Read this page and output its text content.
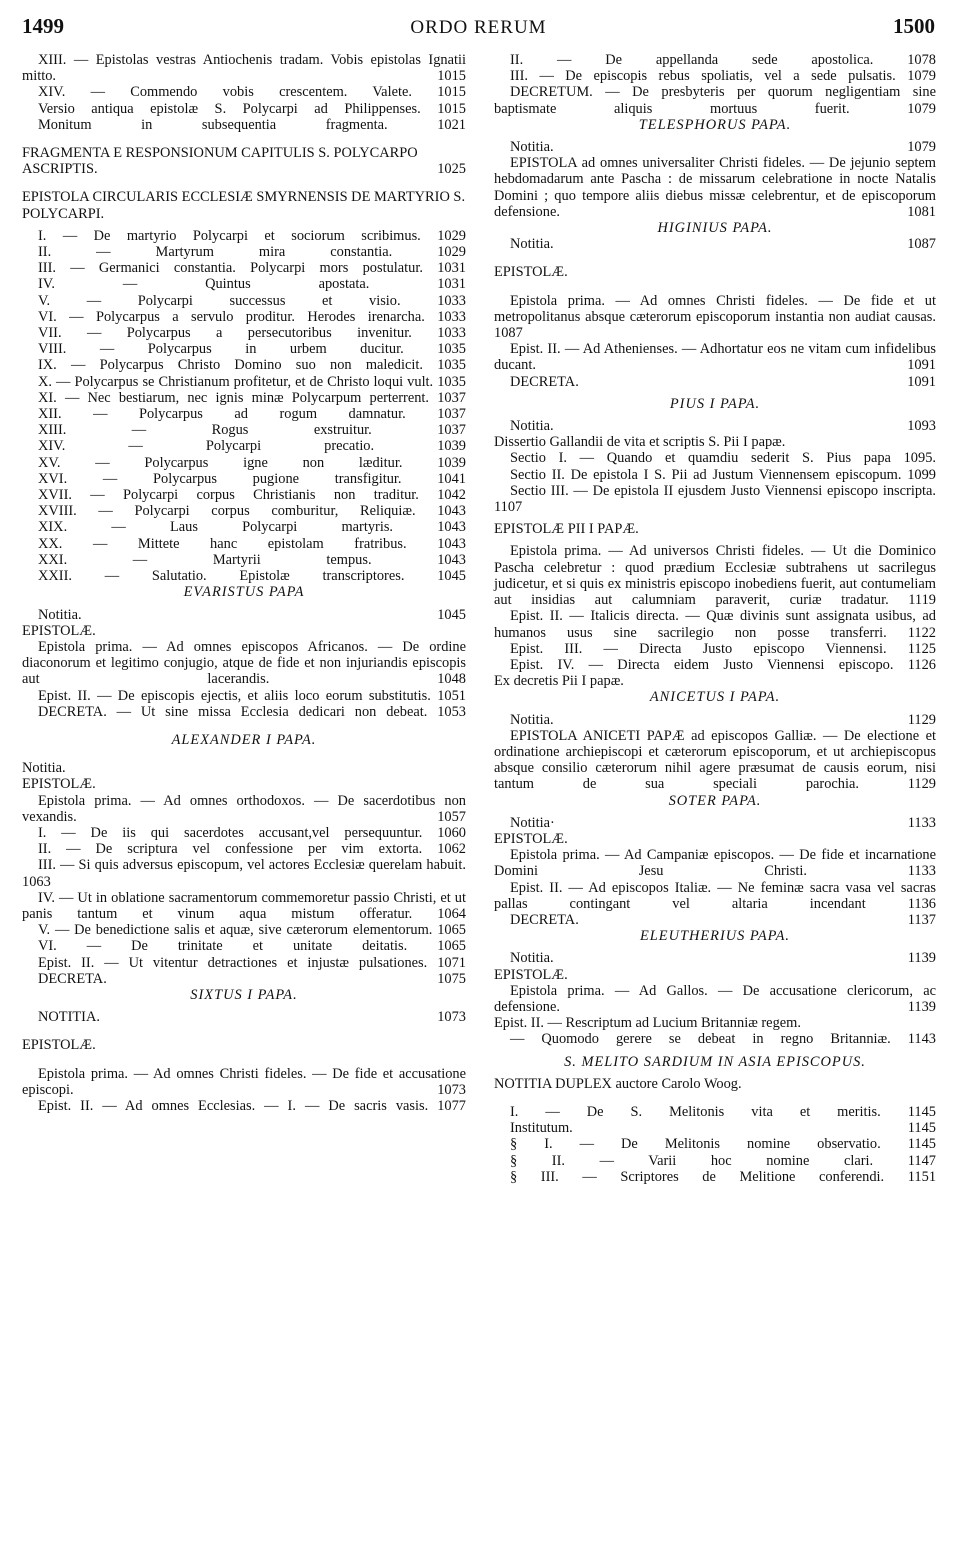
1499	ORDO RERUM	1500

XIII. — Epistolas vestras Antiochenis tradam. Vobis epistolas Ignatii mitto.	1015

XIV. — Commendo vobis crescentem. Valete. 1015

Versio antiqua epistolæ S. Polycarpi ad Philippenses. 1015

Monitum in subsequentia fragmenta.	1021

FRAGMENTA E RESPONSIONUM CAPITULIS S. POLYCARPO ASCRIPTIS.	1025

EPISTOLA CIRCULARIS ECCLESIÆ SMYRNENSIS DE MARTYRIO S. POLYCARPI.

I. — De martyrio Polycarpi et sociorum scribimus. 1029

II. — Martyrum mira constantia.	1029

III. — Germanici constantia. Polycarpi mors postulatur. 1031

IV. — Quintus apostata.	1031

V. — Polycarpi successus et visio.	1033

VI. — Polycarpus a servulo proditur. Herodes irenarcha. 1033

VII. — Polycarpus a persecutoribus invenitur. 1033

VIII. — Polycarpus in urbem ducitur. 1035

IX. — Polycarpus Christo Domino suo non maledicit. 1035

X. — Polycarpus se Christianum profitetur, et de Christo loqui vult. 1035

XI. — Nec bestiarum, nec ignis minæ Polycarpum perterrent. 1037

XII. — Polycarpus ad rogum damnatur. 1037

XIII. — Rogus exstruitur.	1037

XIV. — Polycarpi precatio.	1039

XV. — Polycarpus igne non læditur. 1039

XVI. — Polycarpus pugione transfigitur. 1041

XVII. — Polycarpi corpus Christianis non traditur. 1042

XVIII. — Polycarpi corpus comburitur, Reliquiæ. 1043

XIX. — Laus Polycarpi martyris.	1043

XX. — Mittete hanc epistolam fratribus. 1043

XXI. — Martyrii tempus.	1043

XXII. — Salutatio. Epistolæ transcriptores. 1045

EVARISTUS PAPA

Notitia.	1045

EPISTOLÆ.

Epistola prima. — Ad omnes episcopos Africanos. — De ordine diaconorum et legitimo conjugio, atque de fide et non injuriandis episcopis aut lacerandis.	1048

Epist. II. — De episcopis ejectis, et aliis loco eorum substitutis. 1051

DECRETA. — Ut sine missa Ecclesia dedicari non debeat. 1053

ALEXANDER I PAPA.

Notitia.

EPISTOLÆ.

Epistola prima. — Ad omnes orthodoxos. — De sacerdotibus non vexandis.	1057

I. — De iis qui sacerdotes accusant,vel persequuntur. 1060

II. — De scriptura vel confessione per vim extorta. 1062

III. — Si quis adversus episcopum, vel actores Ecclesiæ querelam habuit. 1063

IV. — Ut in oblatione sacramentorum commemoretur passio Christi, et ut panis tantum et vinum aqua mistum offeratur. 1064

V. — De benedictione salis et aquæ, sive cæterorum elementorum. 1065

VI. — De trinitate et unitate deitatis. 1065

Epist. II. — Ut vitentur detractiones et injustæ pulsationes. 1071

DECRETA.	1075

SIXTUS I PAPA.

NOTITIA.	1073

EPISTOLÆ.

Epistola prima. — Ad omnes Christi fideles. — De fide et accusatione episcopi.	1073

Epist. II. — Ad omnes Ecclesias. — I. — De sacris vasis. 1077

II. — De appellanda sede apostolica. 1078

III. — De episcopis rebus spoliatis, vel a sede pulsatis. 1079

DECRETUM. — De presbyteris per quorum negligentiam sine baptismate aliquis mortuus fuerit.	1079

TELESPHORUS PAPA.

Notitia.	1079

EPISTOLA ad omnes universaliter Christi fideles. — De jejunio septem hebdomadarum ante Pascha : de missarum celebratione in nocte Natalis Domini ; quo tempore aliis diebus missæ celebrentur, et de episcoporum defensione.	1081

HIGINIUS PAPA.

Notitia.	1087

EPISTOLÆ.

Epistola prima. — Ad omnes Christi fideles. — De fide et ut metropolitanus absque cæterorum episcoporum instantia non audiat causas. 1087

Epist. II. — Ad Athenienses. — Adhortatur eos ne vitam cum infidelibus ducant.	1091

DECRETA.	1091

PIUS I PAPA.

Notitia.	1093

Dissertio Gallandii de vita et scriptis S. Pii I papæ.

Sectio I. — Quando et quamdiu sederit S. Pius papa 1095.

Sectio II. De epistola I S. Pii ad Justum Viennensem episcopum. 1099

Sectio III. — De epistola II ejusdem Justo Viennensi episcopo inscripta. 1107

EPISTOLÆ PII I PAPÆ.

Epistola prima. — Ad universos Christi fideles. — Ut die Dominico Pascha celebretur : quod prædium Ecclesiæ subtrahens ut sacrilegus judicetur, et si quis ex ministris episcopo inobediens fuerit, aut contumeliam aut insidias aut calumniam paraverit, curiæ tradatur. 1119

Epist. II. — Italicis directa. — Quæ divinis sunt assignata usibus, ad humanos usus sine sacrilegio non posse transferri. 1122

Epist. III. — Directa Justo episcopo Viennensi. 1125

Epist. IV. — Directa eidem Justo Viennensi episcopo. 1126

Ex decretis Pii I papæ.

ANICETUS I PAPA.

Notitia.	1129

EPISTOLA ANICETI PAPÆ ad episcopos Galliæ. — De electione et ordinatione archiepiscopi et cæterorum episcoporum, et ut archiepiscopus absque consilio cæterorum nihil agere præsumat de causis eorum, nisi tantum de sua speciali parochia.	1129

SOTER PAPA.

Notitia·	1133

EPISTOLÆ.

Epistola prima. — Ad Campaniæ episcopos. — De fide et incarnatione Domini Jesu Christi.	1133

Epist. II. — Ad episcopos Italiæ. — Ne feminæ sacra vasa vel sacras pallas contingant vel altaria incendant	1136

DECRETA.	1137

ELEUTHERIUS PAPA.

Notitia.	1139

EPISTOLÆ.

Epistola prima. — Ad Gallos. — De accusatione clericorum, ac defensione.	1139

Epist. II. — Rescriptum ad Lucium Britanniæ regem.

— Quomodo gerere se debeat in regno Britanniæ. 1143

S. MELITO SARDIUM IN ASIA EPISCOPUS.

NOTITIA DUPLEX auctore Carolo Woog.

I. — De S. Melitonis vita et meritis. 1145

Institutum.	1145

§ I. — De Melitonis nomine observatio. 1145

§ II. — Varii hoc nomine clari. 1147

§ III. — Scriptores de Melitione conferendi. 1151
